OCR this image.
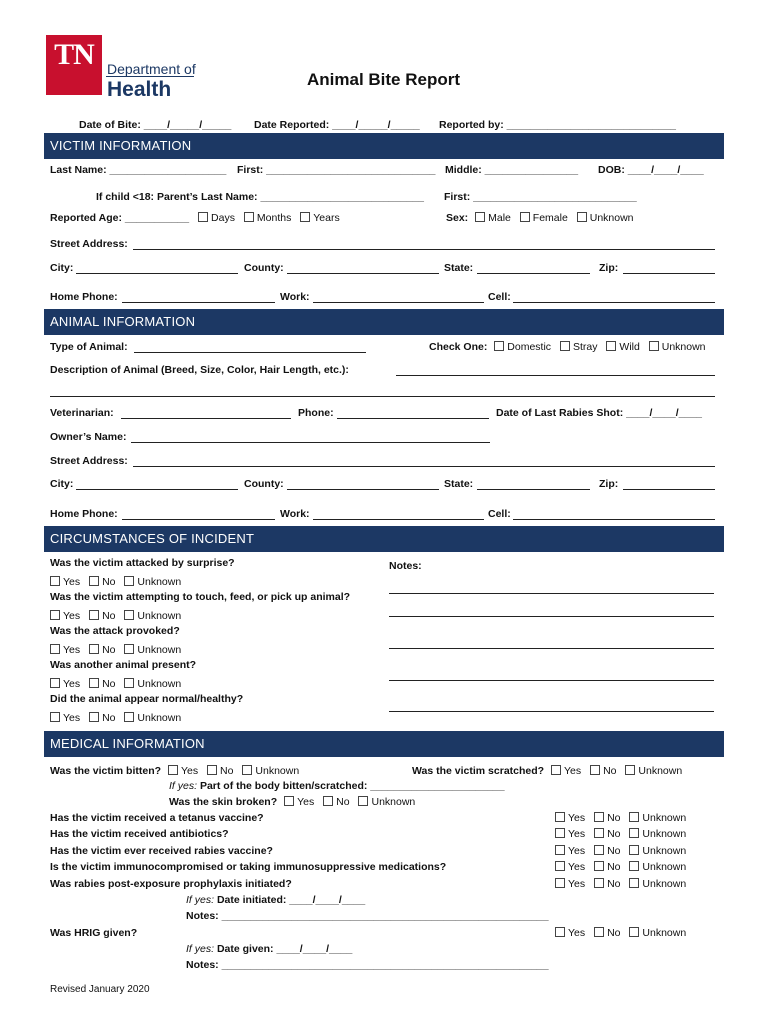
TN Department of
Health	Animal Bite Report
Date of Bite: ____/_____/_____ Date Reported: ____/_____/_____ Reported by: _____________________________
VICTIM INFORMATION
Last Name: ____________________ First: _____________________________ Middle: ________________ DOB: ____/____/____
If child <18: Parent’s Last Name: ____________________________ First: ____________________________
Reported Age: ___________ Days Months Years	Sex: Male Female Unknown
Street Address:
City:	County:	State:	Zip:
Home Phone:	Work:	Cell:
ANIMAL INFORMATION
Type of Animal:	Check One: Domestic Stray Wild Unknown
Description of Animal (Breed, Size, Color, Hair Length, etc.):
Veterinarian:	Phone:	Date of Last Rabies Shot: ____/____/____
Owner’s Name:
Street Address:
City:	County:	State:	Zip:
Home Phone:	Work:	Cell:
CIRCUMSTANCES OF INCIDENT
Was the victim attacked by surprise?
Yes No Unknown
Was the victim attempting to touch, feed, or pick up animal?
Yes No Unknown
Was the attack provoked?
Yes No Unknown
Was another animal present?
Yes No Unknown
Did the animal appear normal/healthy?
Yes No Unknown
Notes:
MEDICAL INFORMATION
Was the victim bitten? Yes No Unknown	Was the victim scratched? Yes No Unknown
If yes: Part of the body bitten/scratched: _______________________
Was the skin broken? Yes No Unknown
Has the victim received a tetanus vaccine?	Yes No Unknown
Has the victim received antibiotics?	Yes No Unknown
Has the victim ever received rabies vaccine?	Yes No Unknown
Is the victim immunocompromised or taking immunosuppressive medications?	Yes No Unknown
Was rabies post-exposure prophylaxis initiated?	Yes No Unknown
If yes: Date initiated: ____/____/____
Notes: ________________________________________________________
Was HRIG given?	Yes No Unknown
If yes: Date given: ____/____/____
Notes: ________________________________________________________
Revised January 2020
